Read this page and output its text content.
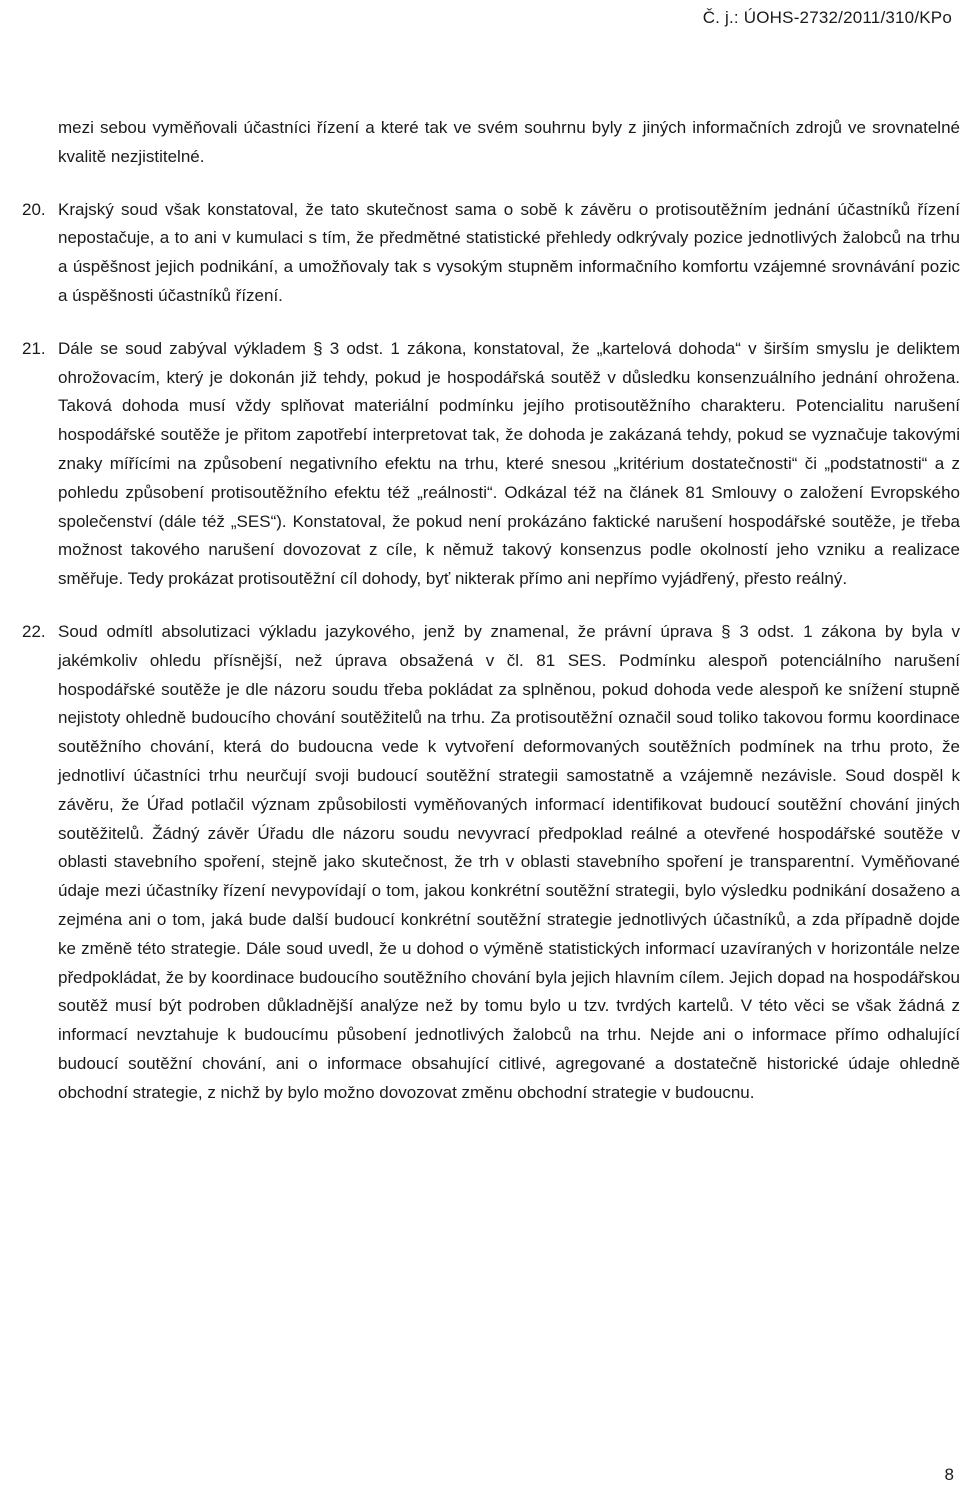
Č. j.: ÚOHS-2732/2011/310/KPo

mezi sebou vyměňovali účastníci řízení a které tak ve svém souhrnu byly z jiných informačních zdrojů ve srovnatelné kvalitě nezjistitelné.

20. Krajský soud však konstatoval, že tato skutečnost sama o sobě k závěru o protisoutěžním jednání účastníků řízení nepostačuje, a to ani v kumulaci s tím, že předmětné statistické přehledy odkrývaly pozice jednotlivých žalobců na trhu a úspěšnost jejich podnikání, a umožňovaly tak s vysokým stupněm informačního komfortu vzájemné srovnávání pozic a úspěšnosti účastníků řízení.

21. Dále se soud zabýval výkladem § 3 odst. 1 zákona, konstatoval, že „kartelová dohoda“ v širším smyslu je deliktem ohrožovacím, který je dokonán již tehdy, pokud je hospodářská soutěž v důsledku konsenzuálního jednání ohrožena. Taková dohoda musí vždy splňovat materiální podmínku jejího protisoutěžního charakteru. Potencialitu narušení hospodářské soutěže je přitom zapotřebí interpretovat tak, že dohoda je zakázaná tehdy, pokud se vyznačuje takovými znaky mířícími na způsobení negativního efektu na trhu, které snesou „kritérium dostatečnosti“ či „podstatnosti“ a z pohledu způsobení protisoutěžního efektu též „reálnosti“. Odkázal též na článek 81 Smlouvy o založení Evropského společenství (dále též „SES“). Konstatoval, že pokud není prokázáno faktické narušení hospodářské soutěže, je třeba možnost takového narušení dovozovat z cíle, k němuž takový konsenzus podle okolností jeho vzniku a realizace směřuje. Tedy prokázat protisoutěžní cíl dohody, byť nikterak přímo ani nepřímo vyjádřený, přesto reálný.

22. Soud odmítl absolutizaci výkladu jazykového, jenž by znamenal, že právní úprava § 3 odst. 1 zákona by byla v jakémkoliv ohledu přísnější, než úprava obsažená v čl. 81 SES. Podmínku alespoň potenciálního narušení hospodářské soutěže je dle názoru soudu třeba pokládat za splněnou, pokud dohoda vede alespoň ke snížení stupně nejistoty ohledně budoucího chování soutěžitelů na trhu. Za protisoutěžní označil soud toliko takovou formu koordinace soutěžního chování, která do budoucna vede k vytvoření deformovaných soutěžních podmínek na trhu proto, že jednotliví účastníci trhu neurčují svoji budoucí soutěžní strategii samostatně a vzájemně nezávisle. Soud dospěl k závěru, že Úřad potlačil význam způsobilosti vyměňovaných informací identifikovat budoucí soutěžní chování jiných soutěžitelů. Žádný závěr Úřadu dle názoru soudu nevyvrací předpoklad reálné a otevřené hospodářské soutěže v oblasti stavebního spoření, stejně jako skutečnost, že trh v oblasti stavebního spoření je transparentní. Vyměňované údaje mezi účastníky řízení nevypovídají o tom, jakou konkrétní soutěžní strategii, bylo výsledku podnikání dosaženo a zejména ani o tom, jaká bude další budoucí konkrétní soutěžní strategie jednotlivých účastníků, a zda případně dojde ke změně této strategie. Dále soud uvedl, že u dohod o výměně statistických informací uzavíraných v horizontále nelze předpokládat, že by koordinace budoucího soutěžního chování byla jejich hlavním cílem. Jejich dopad na hospodářskou soutěž musí být podroben důkladnější analýze než by tomu bylo u tzv. tvrdých kartelů. V této věci se však žádná z informací nevztahuje k budoucímu působení jednotlivých žalobců na trhu. Nejde ani o informace přímo odhalující budoucí soutěžní chování, ani o informace obsahující citlivé, agregované a dostatečně historické údaje ohledně obchodní strategie, z nichž by bylo možno dovozovat změnu obchodní strategie v budoucnu.

8
